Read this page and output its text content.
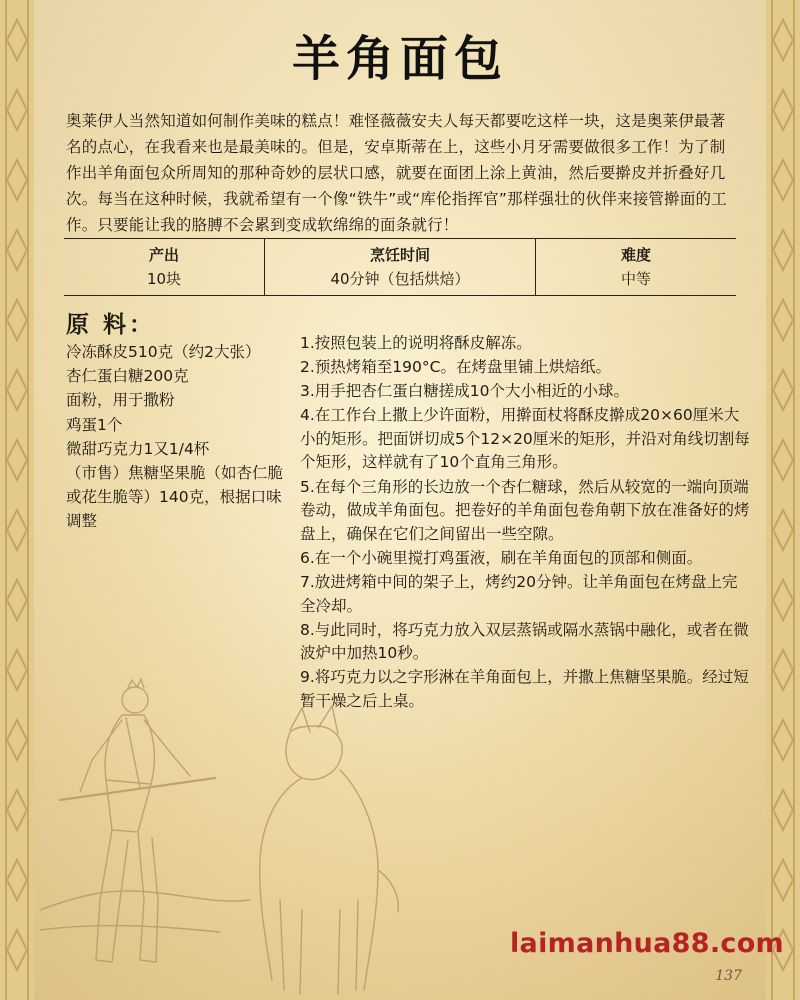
羊角面包
奥莱伊人当然知道如何制作美味的糕点！难怪薇薇安夫人每天都要吃这样一块，这是奥莱伊最著名的点心，在我看来也是最美味的。但是，安卓斯蒂在上，这些小月牙需要做很多工作！为了制作出羊角面包众所周知的那种奇妙的层状口感，就要在面团上涂上黄油，然后要擀皮并折叠好几次。每当在这种时候，我就希望有一个像“铁牛”或“库伦指挥官”那样强壮的伙伴来接管擀面的工作。只要能让我的胳膊不会累到变成软绵绵的面条就行！
产出
10块
烹饪时间
40分钟（包括烘焙）
难度
中等
原 料：
冷冻酥皮510克（约2大张）
杏仁蛋白糖200克
面粉，用于撒粉
鸡蛋1个
微甜巧克力1又1/4杯
（市售）焦糖坚果脆（如杏仁脆或花生脆等）140克，根据口味调整
1.按照包装上的说明将酥皮解冻。
2.预热烤箱至190°C。在烤盘里铺上烘焙纸。
3.用手把杏仁蛋白糖搓成10个大小相近的小球。
4.在工作台上撒上少许面粉，用擀面杖将酥皮擀成20×60厘米大小的矩形。把面饼切成5个12×20厘米的矩形，并沿对角线切割每个矩形，这样就有了10个直角三角形。
5.在每个三角形的长边放一个杏仁糖球，然后从较宽的一端向顶端卷动，做成羊角面包。把卷好的羊角面包卷角朝下放在准备好的烤盘上，确保在它们之间留出一些空隙。
6.在一个小碗里搅打鸡蛋液，刷在羊角面包的顶部和侧面。
7.放进烤箱中间的架子上，烤约20分钟。让羊角面包在烤盘上完全冷却。
8.与此同时，将巧克力放入双层蒸锅或隔水蒸锅中融化，或者在微波炉中加热10秒。
9.将巧克力以之字形淋在羊角面包上，并撒上焦糖坚果脆。经过短暂干燥之后上桌。
laimanhua88.com
137
